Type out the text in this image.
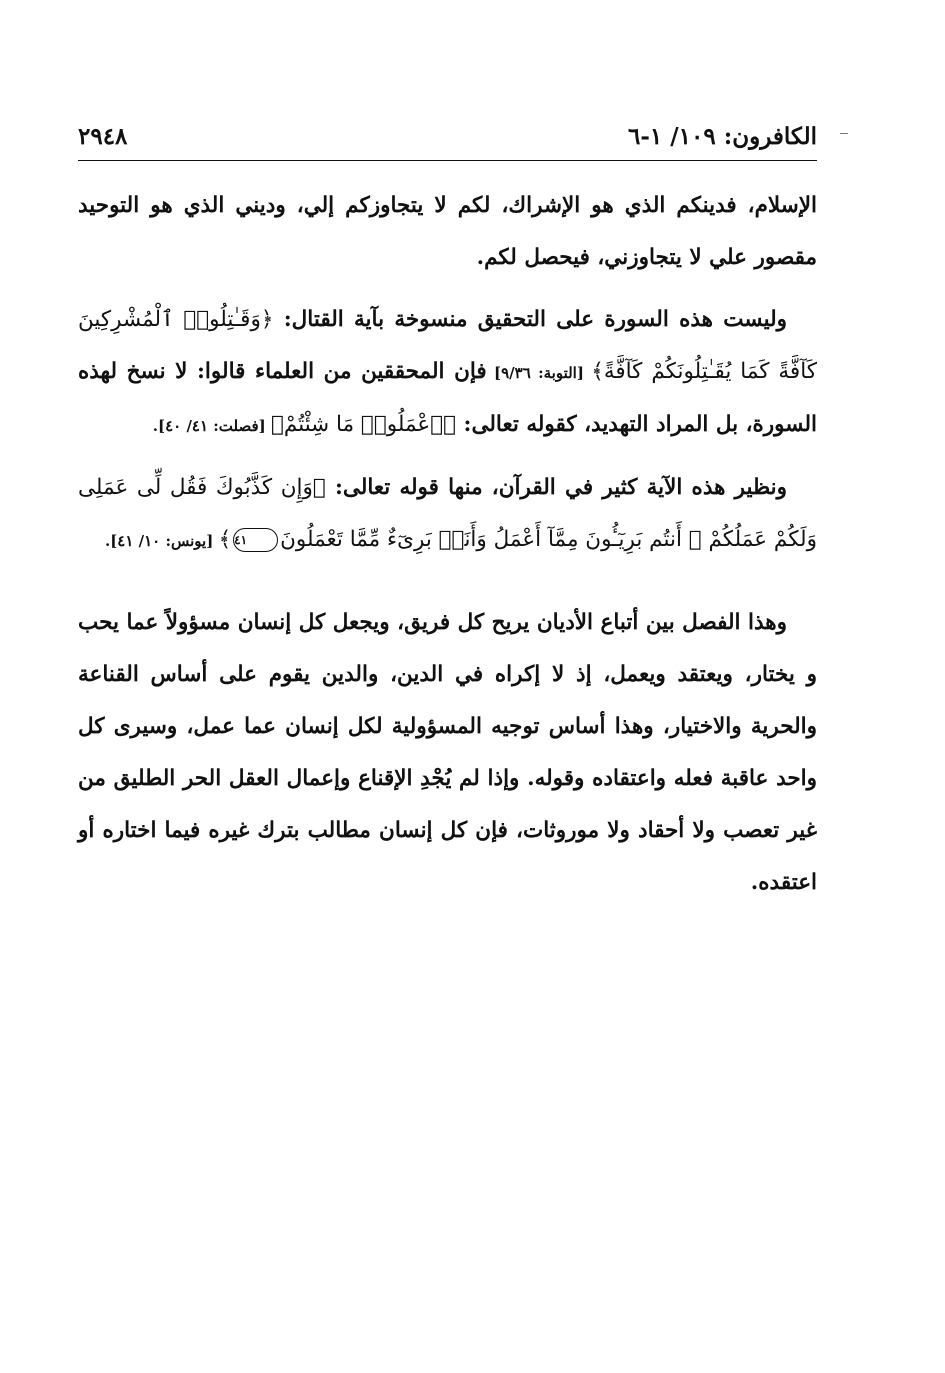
الكافرون: ١٠٩/ ١-٦
٢٩٤٨

الإسلام، فدينكم الذي هو الإشراك، لكم لا يتجاوزكم إلي، وديني الذي هو التوحيد مقصور علي لا يتجاوزني، فيحصل لكم.

وليست هذه السورة على التحقيق منسوخة بآية القتال: ﴿وَقَـٰتِلُوا۟ ٱلْمُشْرِكِينَ كَآفَّةً كَمَا يُقَـٰتِلُونَكُمْ كَآفَّةً﴾ [التوبة: ٩/٣٦] فإن المحققين من العلماء قالوا: لا نسخ لهذه السورة، بل المراد التهديد، كقوله تعالى: ﴿ٱعْمَلُوا۟ مَا شِئْتُمْ﴾ [فصلت: ٤١/ ٤٠].

ونظير هذه الآية كثير في القرآن، منها قوله تعالى: ﴿وَإِن كَذَّبُوكَ فَقُل لِّى عَمَلِى وَلَكُمْ عَمَلُكُمْ ۖ أَنتُم بَرِيٓـُٔونَ مِمَّآ أَعْمَلُ وَأَنَا۠ بَرِىٓءٌ مِّمَّا تَعْمَلُونَ٤١﴾ [يونس: ١٠/ ٤١].

وهذا الفصل بين أتباع الأديان يريح كل فريق، ويجعل كل إنسان مسؤولاً عما يحب و يختار، ويعتقد ويعمل، إذ لا إكراه في الدين، والدين يقوم على أساس القناعة والحرية والاختيار، وهذا أساس توجيه المسؤولية لكل إنسان عما عمل، وسيرى كل واحد عاقبة فعله واعتقاده وقوله. وإذا لم يُجْدِ الإقناع وإعمال العقل الحر الطليق من غير تعصب ولا أحقاد ولا موروثات، فإن كل إنسان مطالب بترك غيره فيما اختاره أو اعتقده.
